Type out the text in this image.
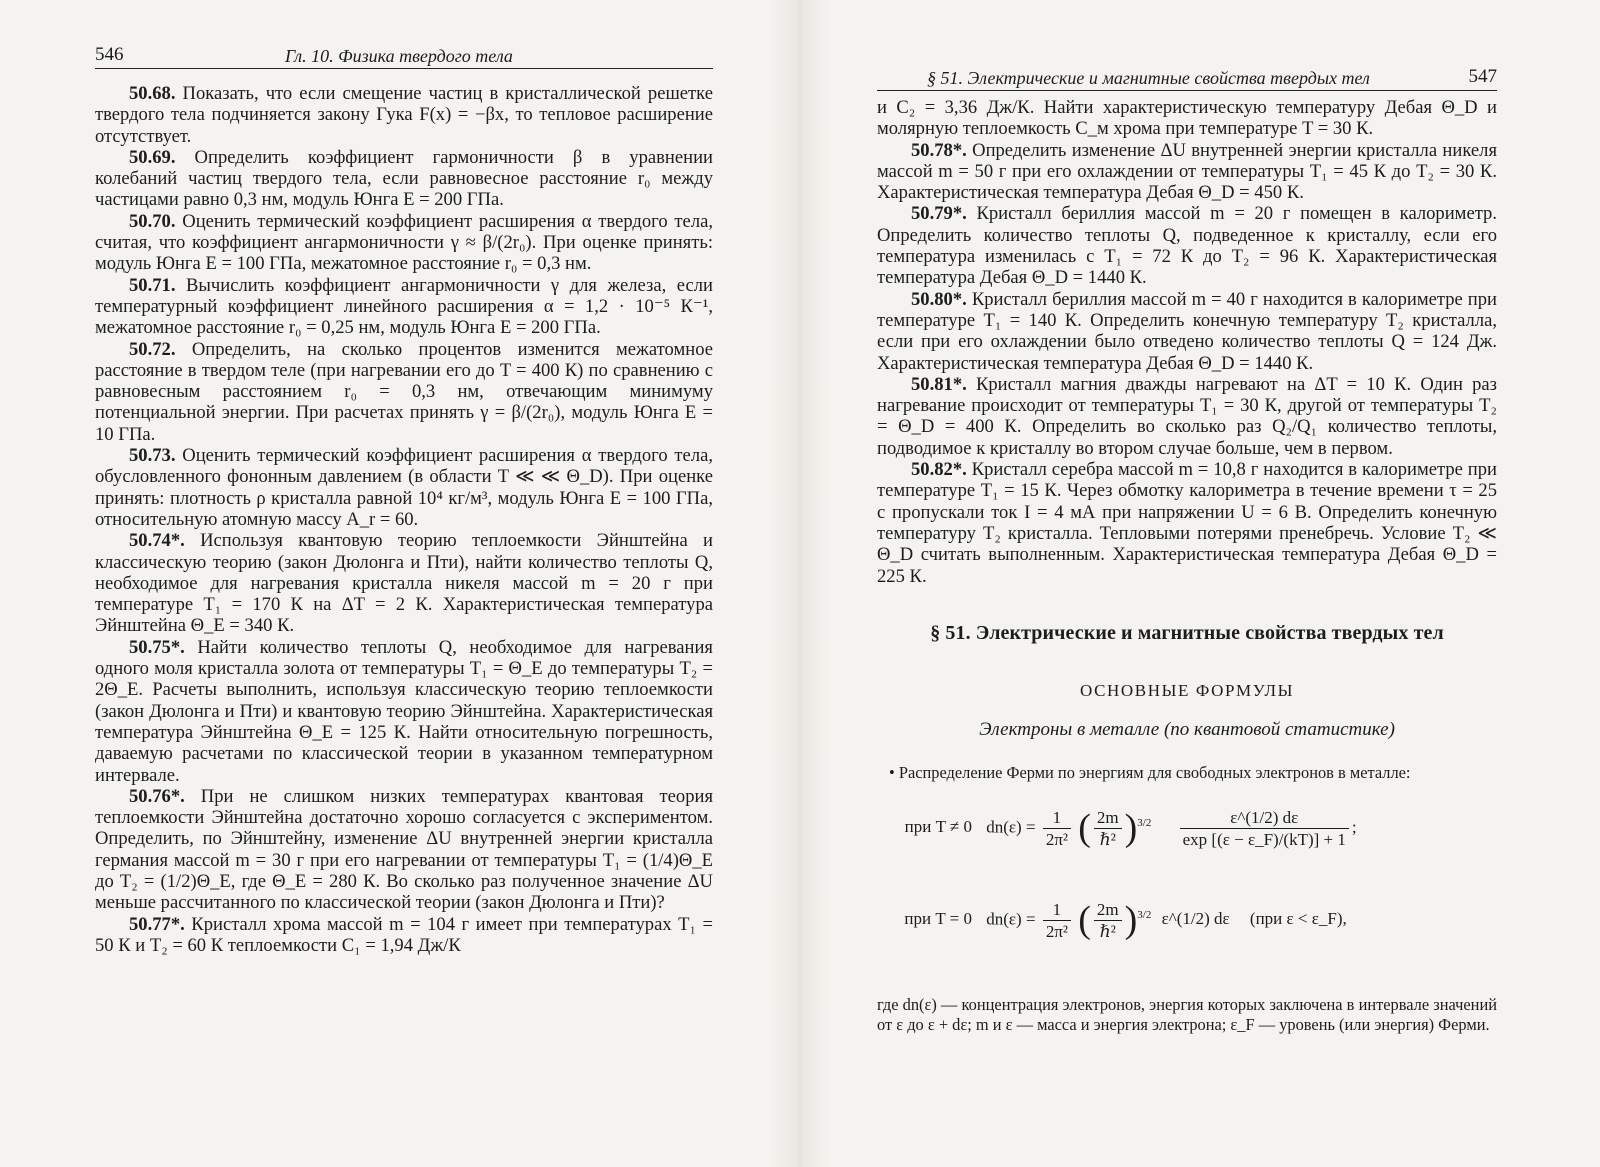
546	Гл. 10. Физика твердого тела

50.68. Показать, что если смещение частиц в кристаллической решетке твердого тела подчиняется закону Гука F(x) = −βx, то тепловое расширение отсутствует.

50.69. Определить коэффициент гармоничности β в уравнении колебаний частиц твердого тела, если равновесное расстояние r₀ между частицами равно 0,3 нм, модуль Юнга E = 200 ГПа.

50.70. Оценить термический коэффициент расширения α твердого тела, считая, что коэффициент ангармоничности γ ≈ β/(2r₀). При оценке принять: модуль Юнга E = 100 ГПа, межатомное расстояние r₀ = 0,3 нм.

50.71. Вычислить коэффициент ангармоничности γ для железа, если температурный коэффициент линейного расширения α = 1,2 · 10⁻⁵ К⁻¹, межатомное расстояние r₀ = 0,25 нм, модуль Юнга E = 200 ГПа.

50.72. Определить, на сколько процентов изменится межатомное расстояние в твердом теле (при нагревании его до T = 400 К) по сравнению с равновесным расстоянием r₀ = 0,3 нм, отвечающим минимуму потенциальной энергии. При расчетах принять γ = β/(2r₀), модуль Юнга E = 10 ГПа.

50.73. Оценить термический коэффициент расширения α твердого тела, обусловленного фононным давлением (в области T ≪ ≪ Θ_D). При оценке принять: плотность ρ кристалла равной 10⁴ кг/м³, модуль Юнга E = 100 ГПа, относительную атомную массу A_r = 60.

50.74*. Используя квантовую теорию теплоемкости Эйнштейна и классическую теорию (закон Дюлонга и Пти), найти количество теплоты Q, необходимое для нагревания кристалла никеля массой m = 20 г при температуре T₁ = 170 К на ΔT = 2 К. Характеристическая температура Эйнштейна Θ_E = 340 К.

50.75*. Найти количество теплоты Q, необходимое для нагревания одного моля кристалла золота от температуры T₁ = Θ_E до температуры T₂ = 2Θ_E. Расчеты выполнить, используя классическую теорию теплоемкости (закон Дюлонга и Пти) и квантовую теорию Эйнштейна. Характеристическая температура Эйнштейна Θ_E = 125 К. Найти относительную погрешность, даваемую расчетами по классической теории в указанном температурном интервале.

50.76*. При не слишком низких температурах квантовая теория теплоемкости Эйнштейна достаточно хорошо согласуется с экспериментом. Определить, по Эйнштейну, изменение ΔU внутренней энергии кристалла германия массой m = 30 г при его нагревании от температуры T₁ = (1/4)Θ_E до T₂ = (1/2)Θ_E, где Θ_E = 280 К. Во сколько раз полученное значение ΔU меньше рассчитанного по классической теории (закон Дюлонга и Пти)?

50.77*. Кристалл хрома массой m = 104 г имеет при температурах T₁ = 50 К и T₂ = 60 К теплоемкости C₁ = 1,94 Дж/К

§ 51. Электрические и магнитные свойства твердых тел	547

и C₂ = 3,36 Дж/К. Найти характеристическую температуру Дебая Θ_D и молярную теплоемкость C_м хрома при температуре T = 30 К.

50.78*. Определить изменение ΔU внутренней энергии кристалла никеля массой m = 50 г при его охлаждении от температуры T₁ = 45 К до T₂ = 30 К. Характеристическая температура Дебая Θ_D = 450 К.

50.79*. Кристалл бериллия массой m = 20 г помещен в калориметр. Определить количество теплоты Q, подведенное к кристаллу, если его температура изменилась с T₁ = 72 К до T₂ = 96 К. Характеристическая температура Дебая Θ_D = 1440 К.

50.80*. Кристалл бериллия массой m = 40 г находится в калориметре при температуре T₁ = 140 К. Определить конечную температуру T₂ кристалла, если при его охлаждении было отведено количество теплоты Q = 124 Дж. Характеристическая температура Дебая Θ_D = 1440 К.

50.81*. Кристалл магния дважды нагревают на ΔT = 10 К. Один раз нагревание происходит от температуры T₁ = 30 К, другой от температуры T₂ = Θ_D = 400 К. Определить во сколько раз Q₂/Q₁ количество теплоты, подводимое к кристаллу во втором случае больше, чем в первом.

50.82*. Кристалл серебра массой m = 10,8 г находится в калориметре при температуре T₁ = 15 К. Через обмотку калориметра в течение времени τ = 25 с пропускали ток I = 4 мА при напряжении U = 6 В. Определить конечную температуру T₂ кристалла. Тепловыми потерями пренебречь. Условие T₂ ≪ Θ_D считать выполненным. Характеристическая температура Дебая Θ_D = 225 К.

§ 51. Электрические и магнитные свойства твердых тел
ОСНОВНЫЕ ФОРМУЛЫ
Электроны в металле (по квантовой статистике)
• Распределение Ферми по энергиям для свободных электронов в металле:
при T ≠ 0 $dn(\varepsilon) = \frac{1}{\text{2π²}}$ ( $\frac{2m}{\text{ℏ²}} )^{3/2} \frac{\varepsilon\^{}(1/2) d\varepsilon}{\exp [(\varepsilon - \varepsilon\_F)/(kT)] + 1}$ ;
при T = 0 $dn(\varepsilon) = \frac{1}{\text{2π²}}$ ( $\frac{2m}{\text{ℏ²}} )^{3/2}$ ε^(1/2) dε (при ε < ε_F),
где dn(ε) — концентрация электронов, энергия которых заключена в интервале значений от ε до ε + dε; m и ε — масса и энергия электрона; ε_F — уровень (или энергия) Ферми.
